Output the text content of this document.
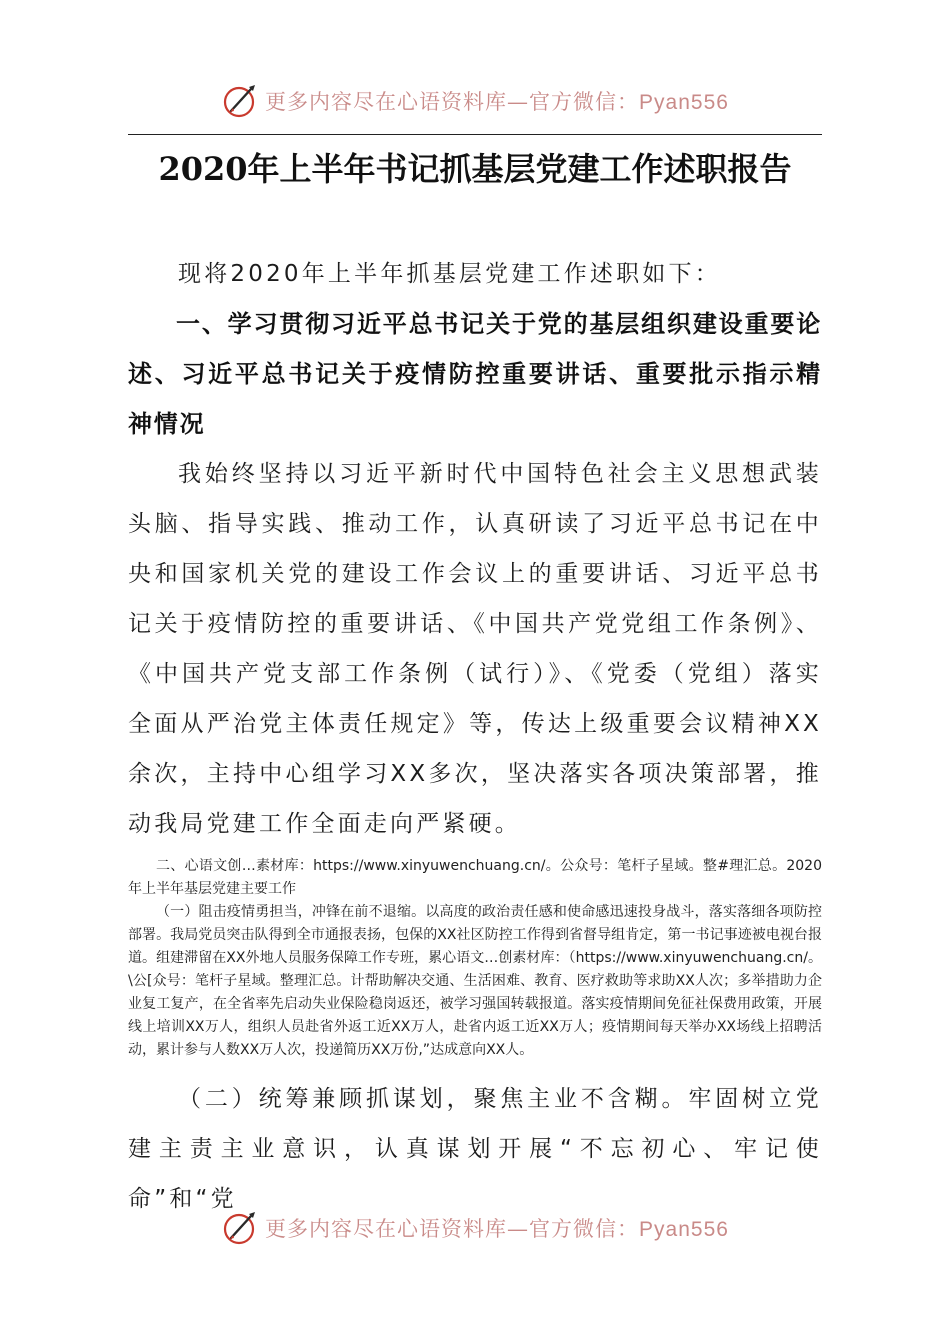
更多内容尽在心语资料库—官方微信：Pyan556
2020年上半年书记抓基层党建工作述职报告

现将2020年上半年抓基层党建工作述职如下：

一、学习贯彻习近平总书记关于党的基层组织建设重要论述、习近平总书记关于疫情防控重要讲话、重要批示指示精神情况

我始终坚持以习近平新时代中国特色社会主义思想武装头脑、指导实践、推动工作，认真研读了习近平总书记在中央和国家机关党的建设工作会议上的重要讲话、习近平总书记关于疫情防控的重要讲话、《中国共产党党组工作条例》、《中国共产党支部工作条例（试行）》、《党委（党组）落实全面从严治党主体责任规定》等，传达上级重要会议精神XX余次，主持中心组学习XX多次，坚决落实各项决策部署，推动我局党建工作全面走向严紧硬。

二、心语文创…素材库：https://www.xinyuwenchuang.cn/。公众号：笔杆子星域。整#理汇总。2020年上半年基层党建主要工作

（一）阻击疫情勇担当，冲锋在前不退缩。以高度的政治责任感和使命感迅速投身战斗，落实落细各项防控部署。我局党员突击队得到全市通报表扬，包保的XX社区防控工作得到省督导组肯定，第一书记事迹被电视台报道。组建滞留在XX外地人员服务保障工作专班，累心语文…创素材库：（https://www.xinyuwenchuang.cn/。\公[众号：笔杆子星域。整理汇总。计帮助解决交通、生活困难、教育、医疗救助等求助XX人次；多举措助力企业复工复产，在全省率先启动失业保险稳岗返还，被学习强国转载报道。落实疫情期间免征社保费用政策，开展线上培训XX万人，组织人员赴省外返工近XX万人，赴省内返工近XX万人；疫情期间每天举办XX场线上招聘活动，累计参与人数XX万人次，投递简历XX万份,”达成意向XX人。

（二）统筹兼顾抓谋划，聚焦主业不含糊。牢固树立党建主责主业意识，认真谋划开展“不忘初心、牢记使命”和“党

更多内容尽在心语资料库—官方微信：Pyan556
